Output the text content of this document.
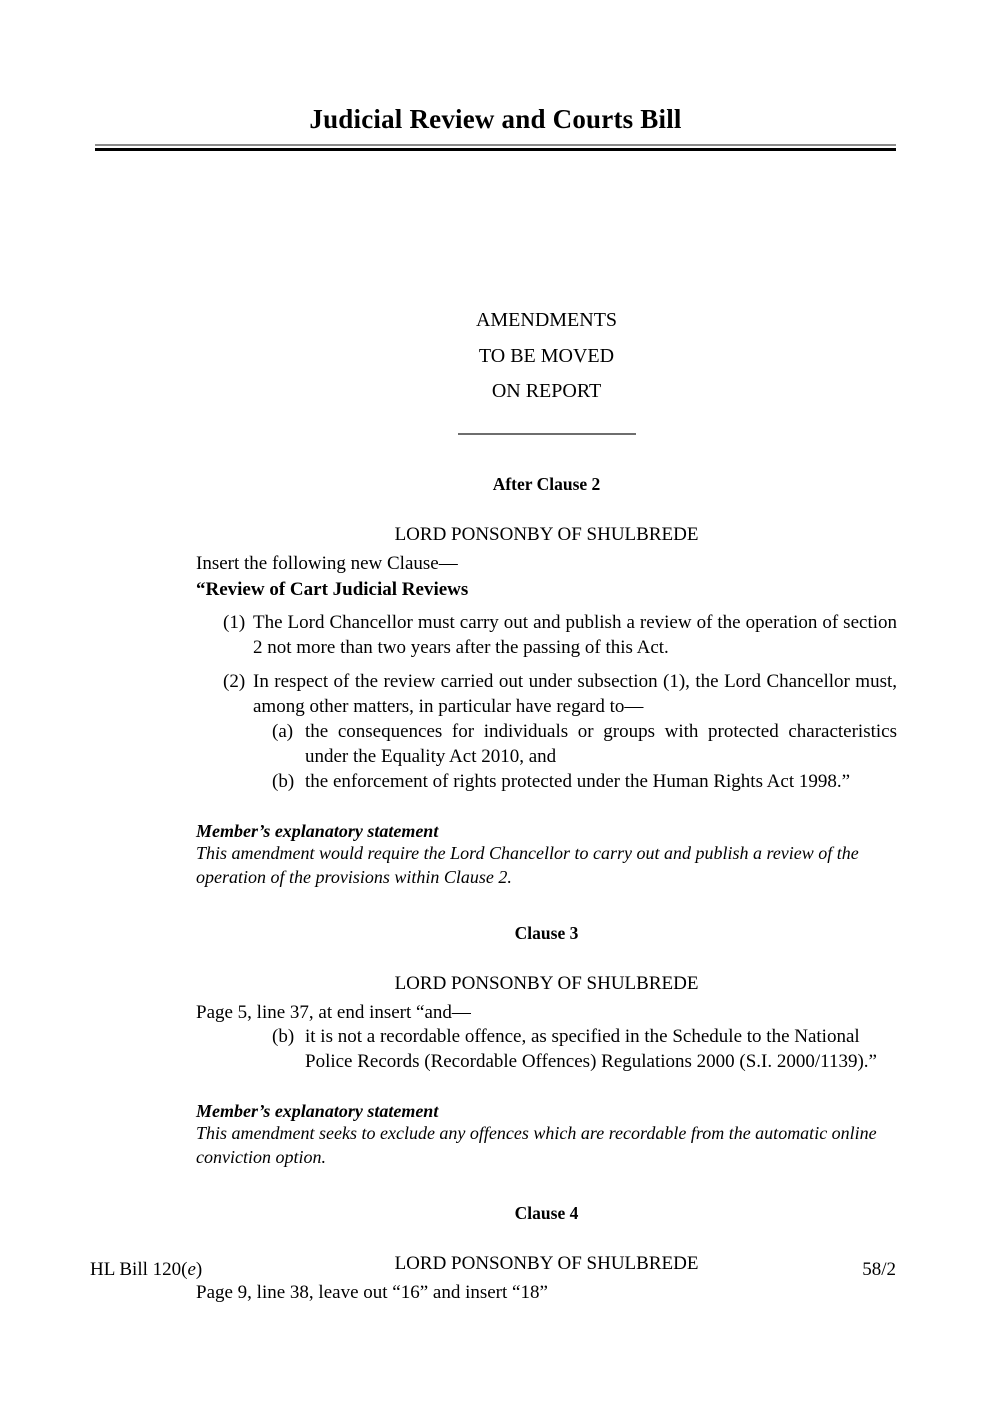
Judicial Review and Courts Bill
AMENDMENTS
TO BE MOVED
ON REPORT
After Clause 2
LORD PONSONBY OF SHULBREDE
Insert the following new Clause—
“Review of Cart Judicial Reviews
(1) The Lord Chancellor must carry out and publish a review of the operation of section 2 not more than two years after the passing of this Act.
(2) In respect of the review carried out under subsection (1), the Lord Chancellor must, among other matters, in particular have regard to—
(a) the consequences for individuals or groups with protected characteristics under the Equality Act 2010, and
(b) the enforcement of rights protected under the Human Rights Act 1998.”
Member’s explanatory statement
This amendment would require the Lord Chancellor to carry out and publish a review of the operation of the provisions within Clause 2.
Clause 3
LORD PONSONBY OF SHULBREDE
Page 5, line 37, at end insert “and—
(b) it is not a recordable offence, as specified in the Schedule to the National Police Records (Recordable Offences) Regulations 2000 (S.I. 2000/1139).”
Member’s explanatory statement
This amendment seeks to exclude any offences which are recordable from the automatic online conviction option.
Clause 4
LORD PONSONBY OF SHULBREDE
Page 9, line 38, leave out “16” and insert “18”
HL Bill 120(e)	58/2
